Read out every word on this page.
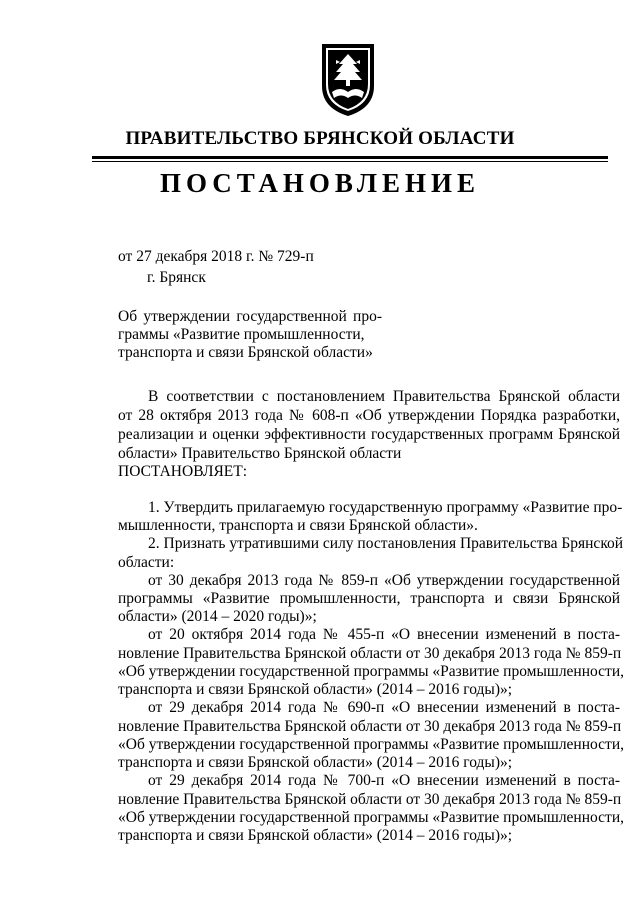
ПРАВИТЕЛЬСТВО БРЯНСКОЙ ОБЛАСТИ
ПОСТАНОВЛЕНИЕ
от 27 декабря 2018 г. № 729-п
г. Брянск
Об утверждении государственной про-
граммы «Развитие промышленности,
транспорта и связи Брянской области»
В соответствии с постановлением Правительства Брянской области
от 28 октября 2013 года № 608-п «Об утверждении Порядка разработки,
реализации и оценки эффективности государственных программ Брянской
области» Правительство Брянской области
ПОСТАНОВЛЯЕТ:
1. Утвердить прилагаемую государственную программу «Развитие про-
мышленности, транспорта и связи Брянской области».
2. Признать утратившими силу постановления Правительства Брянской
области:
от 30 декабря 2013 года № 859-п «Об утверждении государственной
программы «Развитие промышленности, транспорта и связи Брянской
области» (2014 – 2020 годы)»;
от 20 октября 2014 года № 455-п «О внесении изменений в поста-
новление Правительства Брянской области от 30 декабря 2013 года № 859-п
«Об утверждении государственной программы «Развитие промышленности,
транспорта и связи Брянской области» (2014 – 2016 годы)»;
от 29 декабря 2014 года № 690-п «О внесении изменений в поста-
новление Правительства Брянской области от 30 декабря 2013 года № 859-п
«Об утверждении государственной программы «Развитие промышленности,
транспорта и связи Брянской области» (2014 – 2016 годы)»;
от 29 декабря 2014 года № 700-п «О внесении изменений в поста-
новление Правительства Брянской области от 30 декабря 2013 года № 859-п
«Об утверждении государственной программы «Развитие промышленности,
транспорта и связи Брянской области» (2014 – 2016 годы)»;
